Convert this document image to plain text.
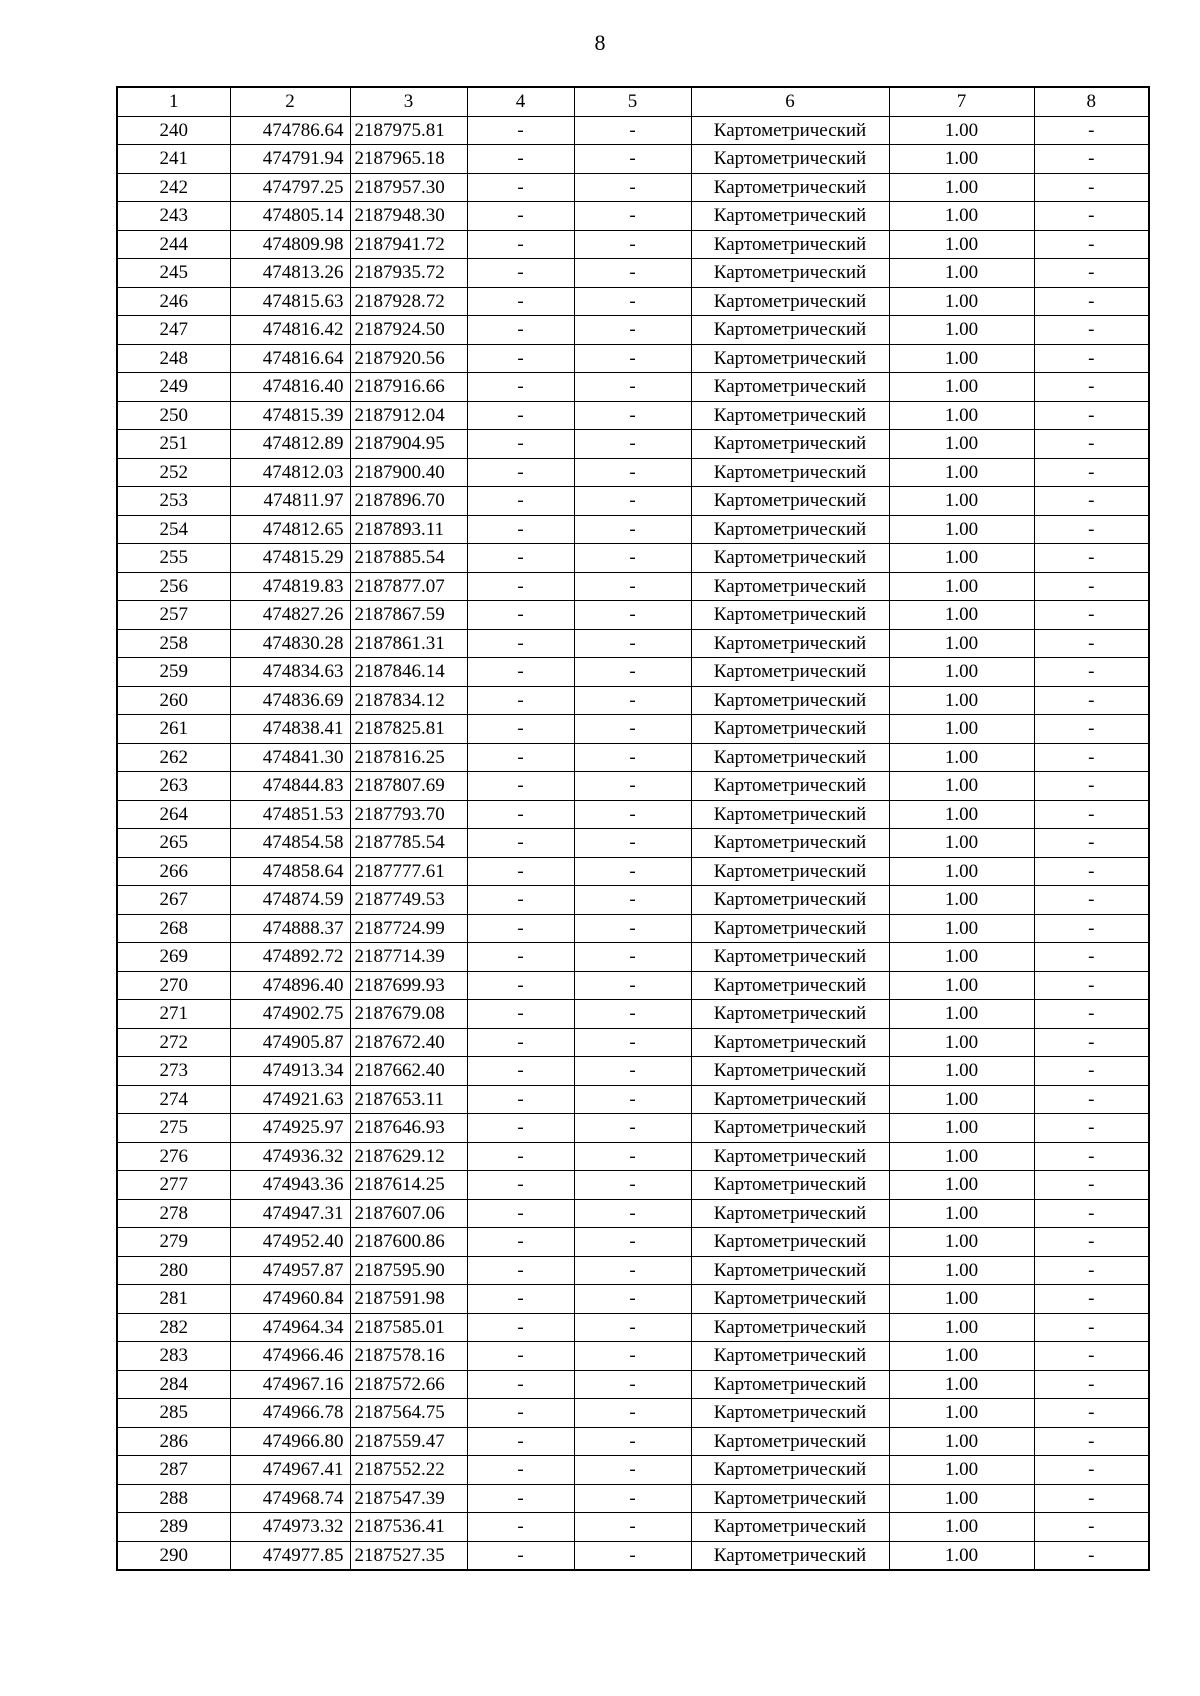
8
1	2	3	4	5	6	7	8
240	474786.64	2187975.81	-	-	Картометрический	1.00	-
241	474791.94	2187965.18	-	-	Картометрический	1.00	-
242	474797.25	2187957.30	-	-	Картометрический	1.00	-
243	474805.14	2187948.30	-	-	Картометрический	1.00	-
244	474809.98	2187941.72	-	-	Картометрический	1.00	-
245	474813.26	2187935.72	-	-	Картометрический	1.00	-
246	474815.63	2187928.72	-	-	Картометрический	1.00	-
247	474816.42	2187924.50	-	-	Картометрический	1.00	-
248	474816.64	2187920.56	-	-	Картометрический	1.00	-
249	474816.40	2187916.66	-	-	Картометрический	1.00	-
250	474815.39	2187912.04	-	-	Картометрический	1.00	-
251	474812.89	2187904.95	-	-	Картометрический	1.00	-
252	474812.03	2187900.40	-	-	Картометрический	1.00	-
253	474811.97	2187896.70	-	-	Картометрический	1.00	-
254	474812.65	2187893.11	-	-	Картометрический	1.00	-
255	474815.29	2187885.54	-	-	Картометрический	1.00	-
256	474819.83	2187877.07	-	-	Картометрический	1.00	-
257	474827.26	2187867.59	-	-	Картометрический	1.00	-
258	474830.28	2187861.31	-	-	Картометрический	1.00	-
259	474834.63	2187846.14	-	-	Картометрический	1.00	-
260	474836.69	2187834.12	-	-	Картометрический	1.00	-
261	474838.41	2187825.81	-	-	Картометрический	1.00	-
262	474841.30	2187816.25	-	-	Картометрический	1.00	-
263	474844.83	2187807.69	-	-	Картометрический	1.00	-
264	474851.53	2187793.70	-	-	Картометрический	1.00	-
265	474854.58	2187785.54	-	-	Картометрический	1.00	-
266	474858.64	2187777.61	-	-	Картометрический	1.00	-
267	474874.59	2187749.53	-	-	Картометрический	1.00	-
268	474888.37	2187724.99	-	-	Картометрический	1.00	-
269	474892.72	2187714.39	-	-	Картометрический	1.00	-
270	474896.40	2187699.93	-	-	Картометрический	1.00	-
271	474902.75	2187679.08	-	-	Картометрический	1.00	-
272	474905.87	2187672.40	-	-	Картометрический	1.00	-
273	474913.34	2187662.40	-	-	Картометрический	1.00	-
274	474921.63	2187653.11	-	-	Картометрический	1.00	-
275	474925.97	2187646.93	-	-	Картометрический	1.00	-
276	474936.32	2187629.12	-	-	Картометрический	1.00	-
277	474943.36	2187614.25	-	-	Картометрический	1.00	-
278	474947.31	2187607.06	-	-	Картометрический	1.00	-
279	474952.40	2187600.86	-	-	Картометрический	1.00	-
280	474957.87	2187595.90	-	-	Картометрический	1.00	-
281	474960.84	2187591.98	-	-	Картометрический	1.00	-
282	474964.34	2187585.01	-	-	Картометрический	1.00	-
283	474966.46	2187578.16	-	-	Картометрический	1.00	-
284	474967.16	2187572.66	-	-	Картометрический	1.00	-
285	474966.78	2187564.75	-	-	Картометрический	1.00	-
286	474966.80	2187559.47	-	-	Картометрический	1.00	-
287	474967.41	2187552.22	-	-	Картометрический	1.00	-
288	474968.74	2187547.39	-	-	Картометрический	1.00	-
289	474973.32	2187536.41	-	-	Картометрический	1.00	-
290	474977.85	2187527.35	-	-	Картометрический	1.00	-
